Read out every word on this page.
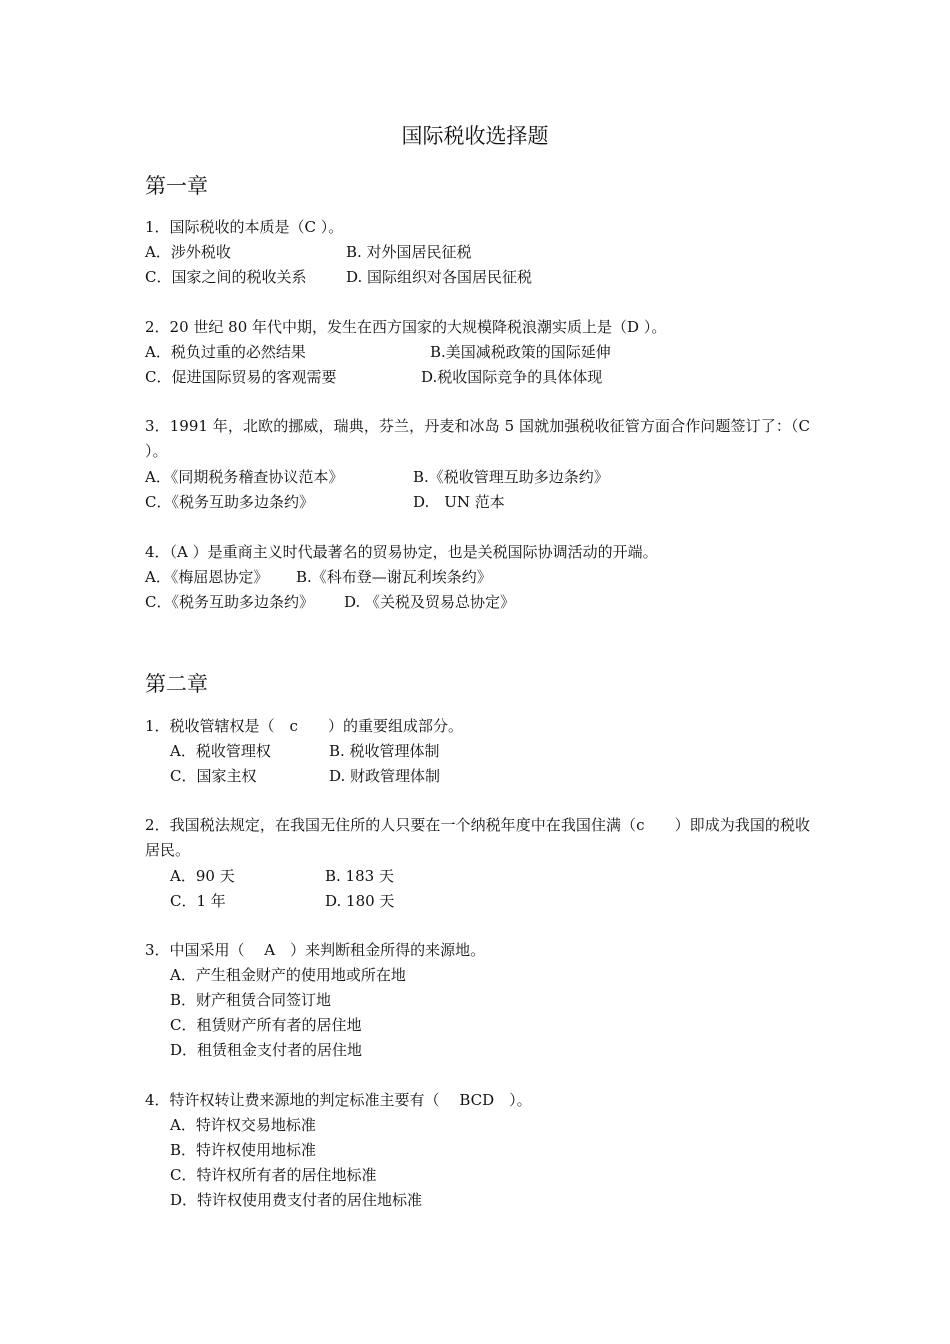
国际税收选择题
第一章
1．国际税收的本质是（C ）。
A．涉外税收	B. 对外国居民征税
C．国家之间的税收关系	D. 国际组织对各国居民征税
2．20 世纪 80 年代中期，发生在西方国家的大规模降税浪潮实质上是（D ）。
A．税负过重的必然结果	B.美国减税政策的国际延伸
C．促进国际贸易的客观需要	D.税收国际竞争的具体体现
3．1991 年，北欧的挪威，瑞典，芬兰，丹麦和冰岛 5 国就加强税收征管方面合作问题签订了：（C ）。
A．《同期税务稽查协议范本》	B.《税收管理互助多边条约》
C．《税务互助多边条约》	D.　UN 范本
4．（A ）是重商主义时代最著名的贸易协定，也是关税国际协调活动的开端。
A．《梅屈恩协定》 B.《科布登—谢瓦利埃条约》
C．《税务互助多边条约》 D. 《关税及贸易总协定》
第二章
1．税收管辖权是（　c　　）的重要组成部分。
A．税收管理权	B. 税收管理体制
C．国家主权	D. 财政管理体制
2．我国税法规定，在我国无住所的人只要在一个纳税年度中在我国住满（c　　）即成为我国的税收居民。
A．90 天	B. 183 天
C．1 年	D. 180 天
3．中国采用（　 A　）来判断租金所得的来源地。
A．产生租金财产的使用地或所在地
B．财产租赁合同签订地
C．租赁财产所有者的居住地
D．租赁租金支付者的居住地
4．特许权转让费来源地的判定标准主要有（　 BCD　）。
A．特许权交易地标准
B．特许权使用地标准
C．特许权所有者的居住地标准
D．特许权使用费支付者的居住地标准
